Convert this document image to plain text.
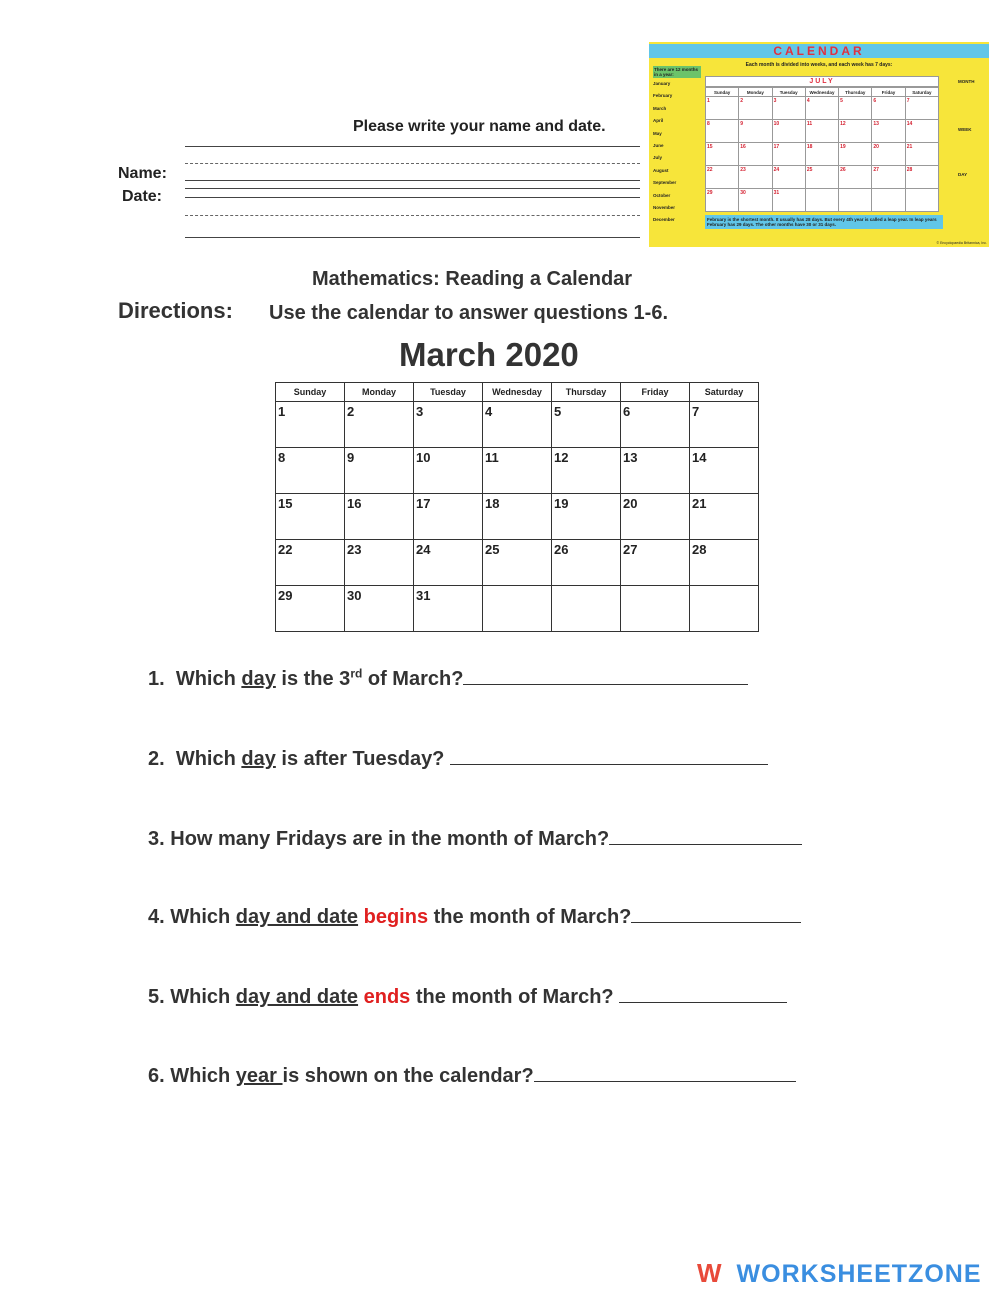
Please write your name and date.
Name:
Date:
CALENDAR
Each month is divided into weeks, and each week has 7 days:
There are 12 months in a year:
January
February
March
April
May
June
July
August
September
October
November
December
JULY
Sunday	Monday	Tuesday	Wednesday	Thursday	Friday	Saturday
1	2	3	4	5	6	7
8	9	10	11	12	13	14
15	16	17	18	19	20	21
22	23	24	25	26	27	28
29	30	31				
February is the shortest month. It usually has 28 days. But every 4th year is called a leap year. In leap years February has 29 days. The other months have 30 or 31 days.
MONTH
WEEK
DAY
© Encyclopaedia Britannica, Inc.
Mathematics: Reading a Calendar
Directions: Use the calendar to answer questions 1-6.
March 2020
Sunday	Monday	Tuesday	Wednesday	Thursday	Friday	Saturday
1	2	3	4	5	6	7
8	9	10	11	12	13	14
15	16	17	18	19	20	21
22	23	24	25	26	27	28
29	30	31				
1. Which day is the 3rd of March?
2. Which day is after Tuesday?
3. How many Fridays are in the month of March?
4. Which day and date begins the month of March?
5. Which day and date ends the month of March?
6. Which year is shown on the calendar?
W WORKSHEETZONE
